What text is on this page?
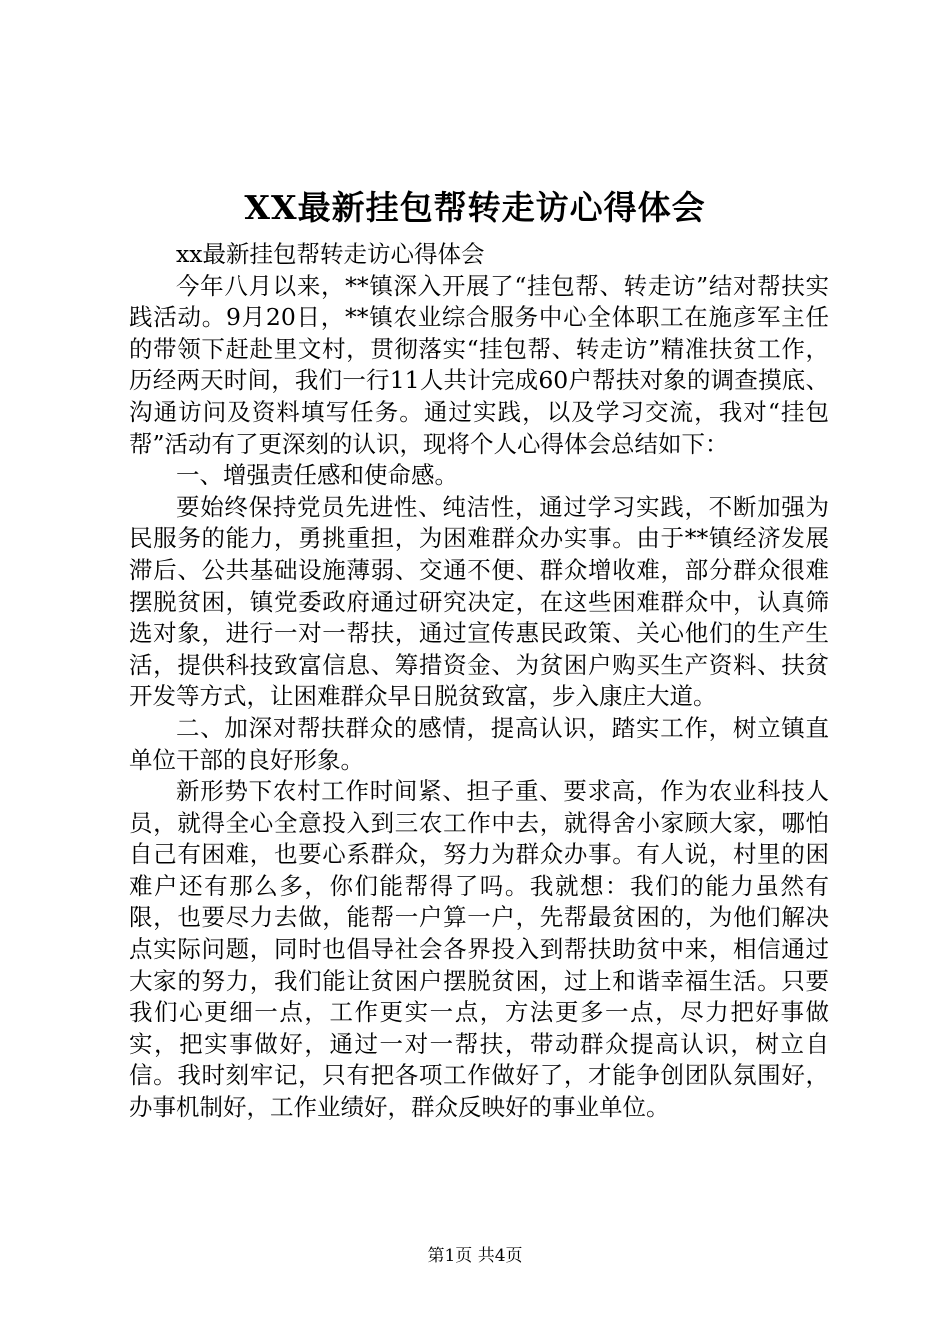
XX最新挂包帮转走访心得体会

xx最新挂包帮转走访心得体会

今年八月以来，**镇深入开展了“挂包帮、转走访”结对帮扶实践活动。9月20日，**镇农业综合服务中心全体职工在施彦军主任的带领下赶赴里文村，贯彻落实“挂包帮、转走访”精准扶贫工作，历经两天时间，我们一行11人共计完成60户帮扶对象的调查摸底、沟通访问及资料填写任务。通过实践，以及学习交流，我对“挂包帮”活动有了更深刻的认识，现将个人心得体会总结如下：

一、增强责任感和使命感。

要始终保持党员先进性、纯洁性，通过学习实践，不断加强为民服务的能力，勇挑重担，为困难群众办实事。由于**镇经济发展滞后、公共基础设施薄弱、交通不便、群众增收难，部分群众很难摆脱贫困，镇党委政府通过研究决定，在这些困难群众中，认真筛选对象，进行一对一帮扶，通过宣传惠民政策、关心他们的生产生活，提供科技致富信息、筹措资金、为贫困户购买生产资料、扶贫开发等方式，让困难群众早日脱贫致富，步入康庄大道。

二、加深对帮扶群众的感情，提高认识，踏实工作，树立镇直单位干部的良好形象。

新形势下农村工作时间紧、担子重、要求高，作为农业科技人员，就得全心全意投入到三农工作中去，就得舍小家顾大家，哪怕自己有困难，也要心系群众，努力为群众办事。有人说，村里的困难户还有那么多，你们能帮得了吗。我就想：我们的能力虽然有限，也要尽力去做，能帮一户算一户，先帮最贫困的，为他们解决点实际问题，同时也倡导社会各界投入到帮扶助贫中来，相信通过大家的努力，我们能让贫困户摆脱贫困，过上和谐幸福生活。只要我们心更细一点，工作更实一点，方法更多一点，尽力把好事做实，把实事做好，通过一对一帮扶，带动群众提高认识，树立自信。我时刻牢记，只有把各项工作做好了，才能争创团队氛围好，办事机制好，工作业绩好，群众反映好的事业单位。

第1页 共4页
